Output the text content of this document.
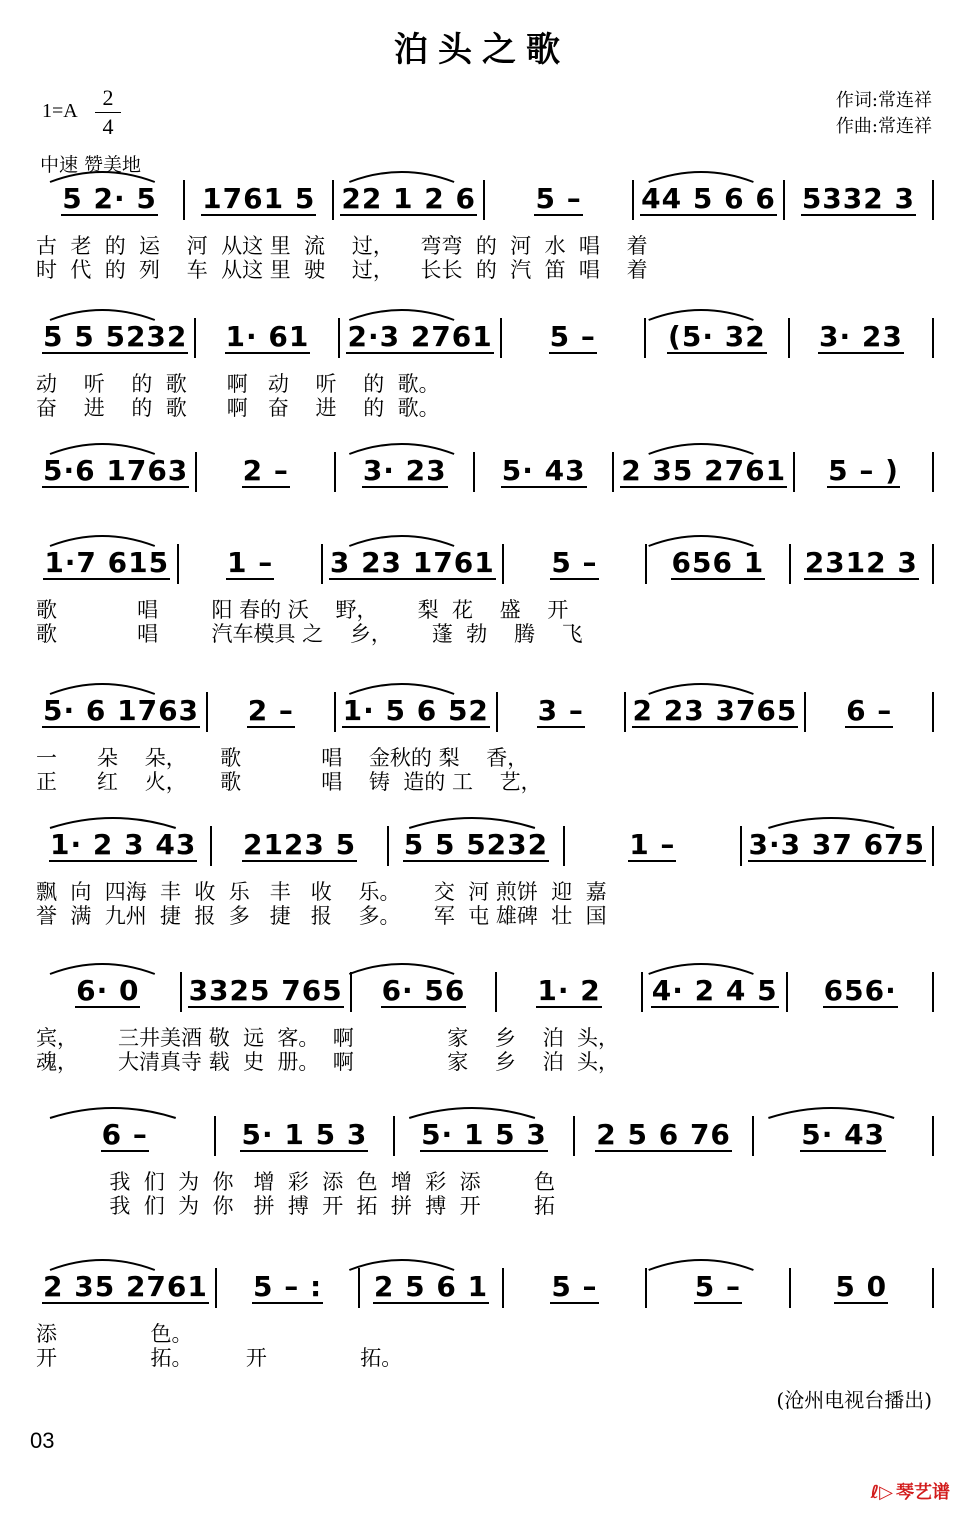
泊头之歌
1=A
2
4
作词:常连祥
作曲:常连祥
中速 赞美地
5 2· 5 1761 5 22 1 2 6 5 – 44 5 6 6 5332 3
古  老  的  运    河  从这 里  流    过，    弯弯  的  河  水  唱    着
时  代  的  列    车  从这 里  驶    过，    长长  的  汽  笛  唱    着
5 5 5232 1· 61 2·3 2761 5 –	(5· 32 3· 23
动    听    的  歌      啊   动    听    的  歌。
奋    进    的  歌      啊   奋    进    的  歌。
5·6 1763 2 –	3· 23 5· 43 2 35 2761 5 – )
1·7 615 1 – 3 23 1761 5 –	656 1 2312 3
歌            唱        阳 春的 沃    野，      梨  花    盛    开
歌            唱        汽车模具 之    乡，      蓬  勃    腾    飞
5· 6 1763 2 – 1· 5 6 52 3 – 2 23 3765 6 –
一      朵    朵，     歌            唱    金秋的 梨    香，
正      红    火，     歌            唱    铸  造的 工    艺，
1· 2 3 43 2123 5 5 5 5232	1 –	3·3 37 675
飘  向  四海  丰  收  乐   丰   收    乐。     交  河 煎饼  迎  嘉
誉  满  九州  捷  报  多   捷   报    多。     军  屯 雄碑  壮  国
6· 0 3325 765 6· 56	1· 2 4· 2 4 5 656·
宾，      三井美酒 敬  远  客。  啊              家    乡    泊  头，
魂，      大清真寺 载  史  册。  啊              家    乡    泊  头，
6 –	5· 1 5 3 5· 1 5 3 2 5 6 76	5· 43
我  们  为  你   增  彩  添  色  增  彩  添        色
我  们  为  你   拼  搏  开  拓  拼  搏  开        拓
2 35 2761 5 – : 2 5 6 1 5 –	5 –	5 0
添              色。
开              拓。        开              拓。
(沧州电视台播出)
03
ℓ▷ 琴艺谱
